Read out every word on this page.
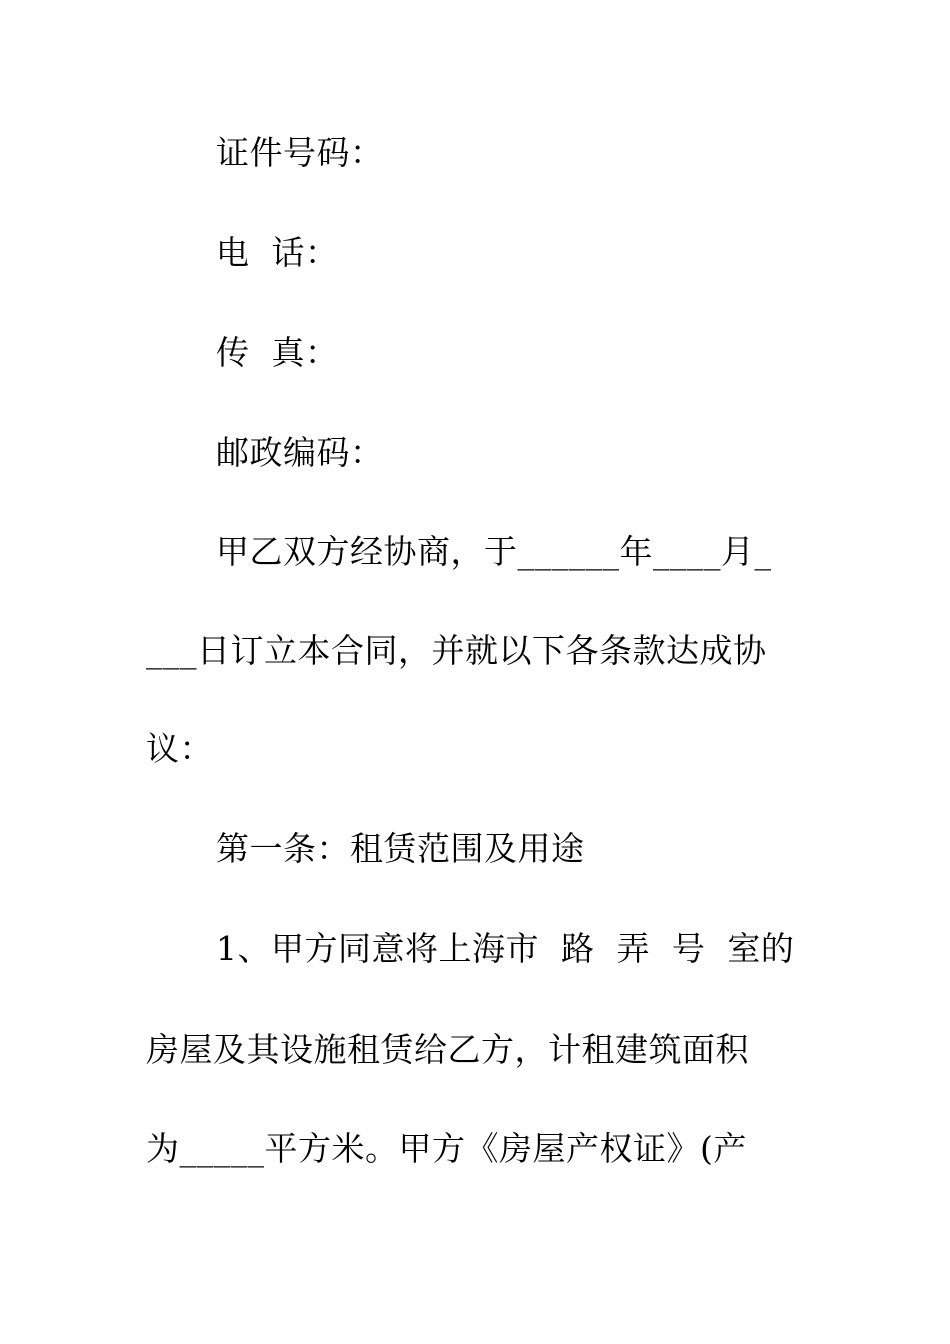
证件号码：
电  话：
传  真：
邮政编码：
甲乙双方经协商，于______年____月_
___日订立本合同，并就以下各条款达成协
议：
第一条：租赁范围及用途
1、甲方同意将上海市  路  弄  号  室的
房屋及其设施租赁给乙方，计租建筑面积
为_____平方米。甲方《房屋产权证》(产
